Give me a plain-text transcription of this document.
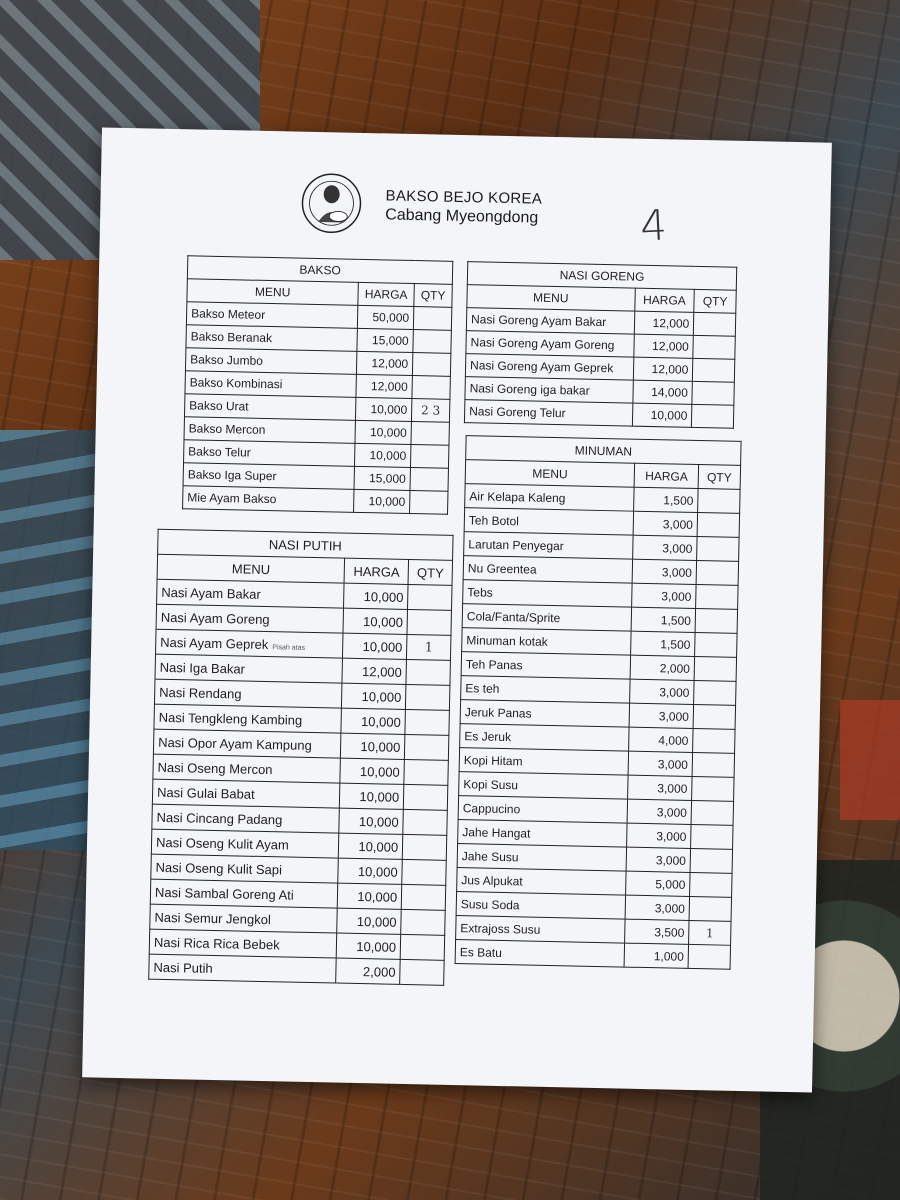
BAKSO BEJO KOREA
Cabang Myeongdong 4
BAKSO		
MENU	HARGA	QTY
Bakso Meteor	50,000	
Bakso Beranak	15,000	
Bakso Jumbo	12,000	
Bakso Kombinasi	12,000	
Bakso Urat	10,000	2 3
Bakso Mercon	10,000	
Bakso Telur	10,000	
Bakso Iga Super	15,000	
Mie Ayam Bakso	10,000	
NASI GORENG		
MENU	HARGA	QTY
Nasi Goreng Ayam Bakar	12,000	
Nasi Goreng Ayam Goreng	12,000	
Nasi Goreng Ayam Geprek	12,000	
Nasi Goreng iga bakar	14,000	
Nasi Goreng Telur	10,000	
NASI PUTIH		
MENU	HARGA	QTY
Nasi Ayam Bakar	10,000	
Nasi Ayam Goreng	10,000	
Nasi Ayam Geprek Pisah atas	10,000	1
Nasi Iga Bakar	12,000	
Nasi Rendang	10,000	
Nasi Tengkleng Kambing	10,000	
Nasi Opor Ayam Kampung	10,000	
Nasi Oseng Mercon	10,000	
Nasi Gulai Babat	10,000	
Nasi Cincang Padang	10,000	
Nasi Oseng Kulit Ayam	10,000	
Nasi Oseng Kulit Sapi	10,000	
Nasi Sambal Goreng Ati	10,000	
Nasi Semur Jengkol	10,000	
Nasi Rica Rica Bebek	10,000	
Nasi Putih	2,000	
MINUMAN		
MENU	HARGA	QTY
Air Kelapa Kaleng	1,500	
Teh Botol	3,000	
Larutan Penyegar	3,000	
Nu Greentea	3,000	
Tebs	3,000	
Cola/Fanta/Sprite	1,500	
Minuman kotak	1,500	
Teh Panas	2,000	
Es teh	3,000	
Jeruk Panas	3,000	
Es Jeruk	4,000	
Kopi Hitam	3,000	
Kopi Susu	3,000	
Cappucino	3,000	
Jahe Hangat	3,000	
Jahe Susu	3,000	
Jus Alpukat	5,000	
Susu Soda	3,000	
Extrajoss Susu	3,500	1
Es Batu	1,000	
